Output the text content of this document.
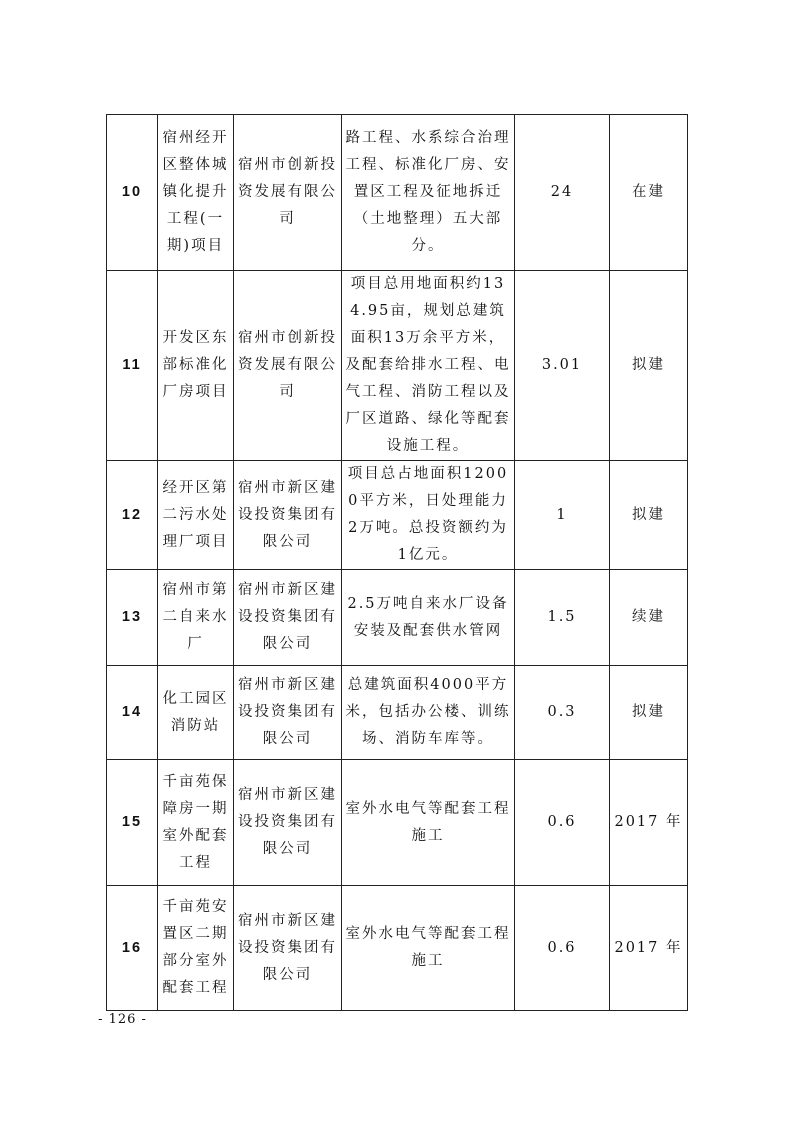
10	宿州经开区整体城镇化提升工程(一期)项目	宿州市创新投资发展有限公司	路工程、水系综合治理工程、标准化厂房、安置区工程及征地拆迁（土地整理）五大部分。	24	在建
11	开发区东部标准化厂房项目	宿州市创新投资发展有限公司	项目总用地面积约134.95亩，规划总建筑面积13万余平方米，及配套给排水工程、电气工程、消防工程以及厂区道路、绿化等配套设施工程。	3.01	拟建
12	经开区第二污水处理厂项目	宿州市新区建设投资集团有限公司	项目总占地面积12000平方米，日处理能力2万吨。总投资额约为1亿元。	1	拟建
13	宿州市第二自来水厂	宿州市新区建设投资集团有限公司	2.5万吨自来水厂设备安装及配套供水管网	1.5	续建
14	化工园区消防站	宿州市新区建设投资集团有限公司	总建筑面积4000平方米，包括办公楼、训练场、消防车库等。	0.3	拟建
15	千亩苑保障房一期室外配套工程	宿州市新区建设投资集团有限公司	室外水电气等配套工程施工	0.6	2017 年
16	千亩苑安置区二期部分室外配套工程	宿州市新区建设投资集团有限公司	室外水电气等配套工程施工	0.6	2017 年
- 126 -
